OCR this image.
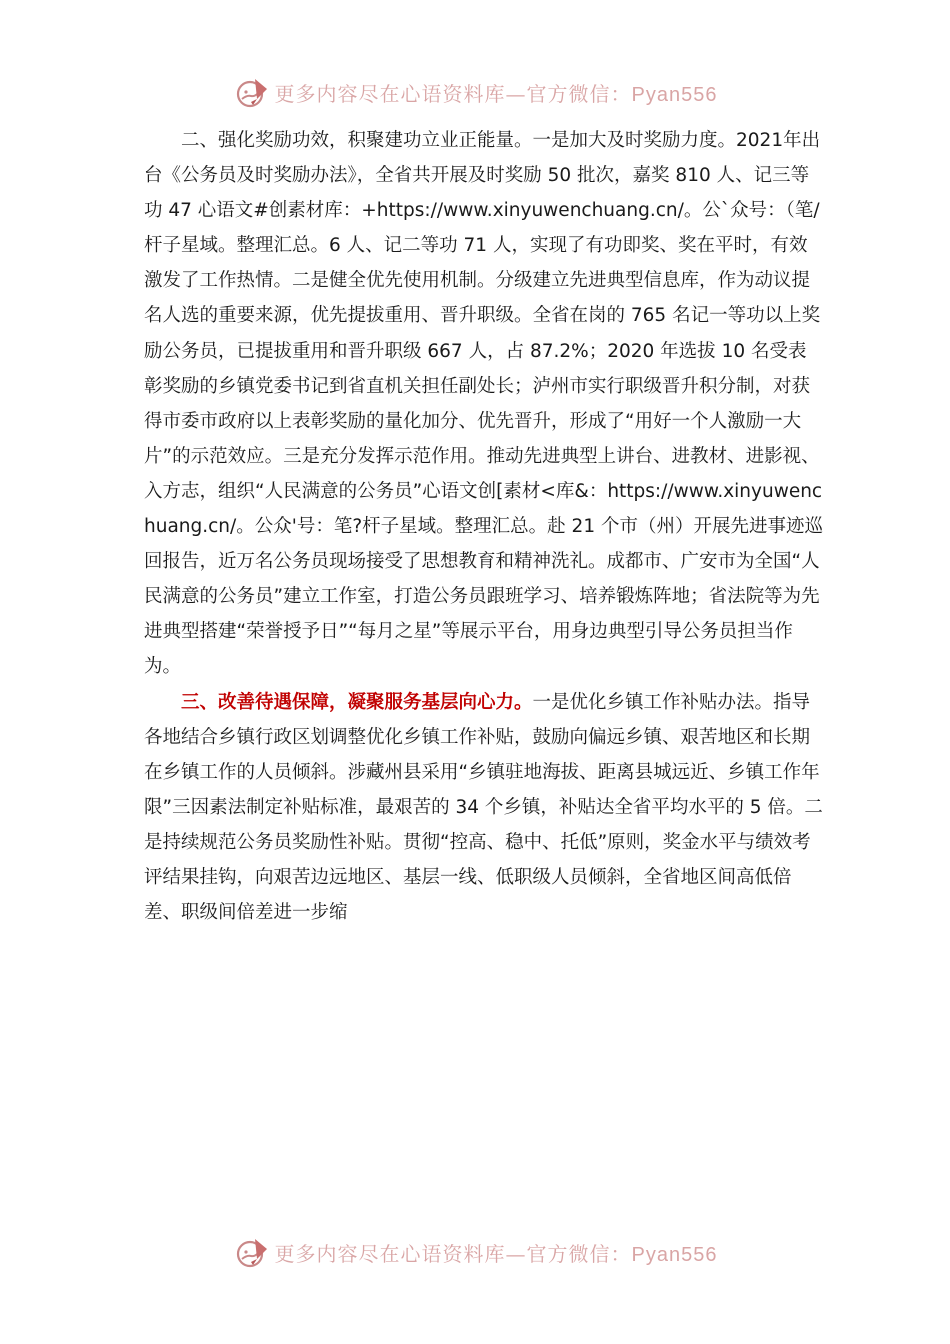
更多内容尽在心语资料库—官方微信：Pyan556

二、强化奖励功效，积聚建功立业正能量。一是加大及时奖励力度。2021年出台《公务员及时奖励办法》，全省共开展及时奖励 50 批次，嘉奖 810 人、记三等功 47 心语文#创素材库：+https://www.xinyuwenchuang.cn/。公`众号：（笔/杆子星域。整理汇总。6 人、记二等功 71 人，实现了有功即奖、奖在平时，有效激发了工作热情。二是健全优先使用机制。分级建立先进典型信息库，作为动议提名人选的重要来源，优先提拔重用、晋升职级。全省在岗的 765 名记一等功以上奖励公务员，已提拔重用和晋升职级 667 人，占 87.2%；2020 年选拔 10 名受表彰奖励的乡镇党委书记到省直机关担任副处长；泸州市实行职级晋升积分制，对获得市委市政府以上表彰奖励的量化加分、优先晋升，形成了“用好一个人激励一大片”的示范效应。三是充分发挥示范作用。推动先进典型上讲台、进教材、进影视、入方志，组织“人民满意的公务员”心语文创[素材<库&：https://www.xinyuwenchuang.cn/。公众'号：笔?杆子星域。整理汇总。赴 21 个市（州）开展先进事迹巡回报告，近万名公务员现场接受了思想教育和精神洗礼。成都市、广安市为全国“人民满意的公务员”建立工作室，打造公务员跟班学习、培养锻炼阵地；省法院等为先进典型搭建“荣誉授予日”“每月之星”等展示平台，用身边典型引导公务员担当作为。

三、改善待遇保障，凝聚服务基层向心力。一是优化乡镇工作补贴办法。指导各地结合乡镇行政区划调整优化乡镇工作补贴，鼓励向偏远乡镇、艰苦地区和长期在乡镇工作的人员倾斜。涉藏州县采用“乡镇驻地海拔、距离县城远近、乡镇工作年限”三因素法制定补贴标准，最艰苦的 34 个乡镇，补贴达全省平均水平的 5 倍。二是持续规范公务员奖励性补贴。贯彻“控高、稳中、托低”原则，奖金水平与绩效考评结果挂钩，向艰苦边远地区、基层一线、低职级人员倾斜，全省地区间高低倍差、职级间倍差进一步缩

更多内容尽在心语资料库—官方微信：Pyan556
